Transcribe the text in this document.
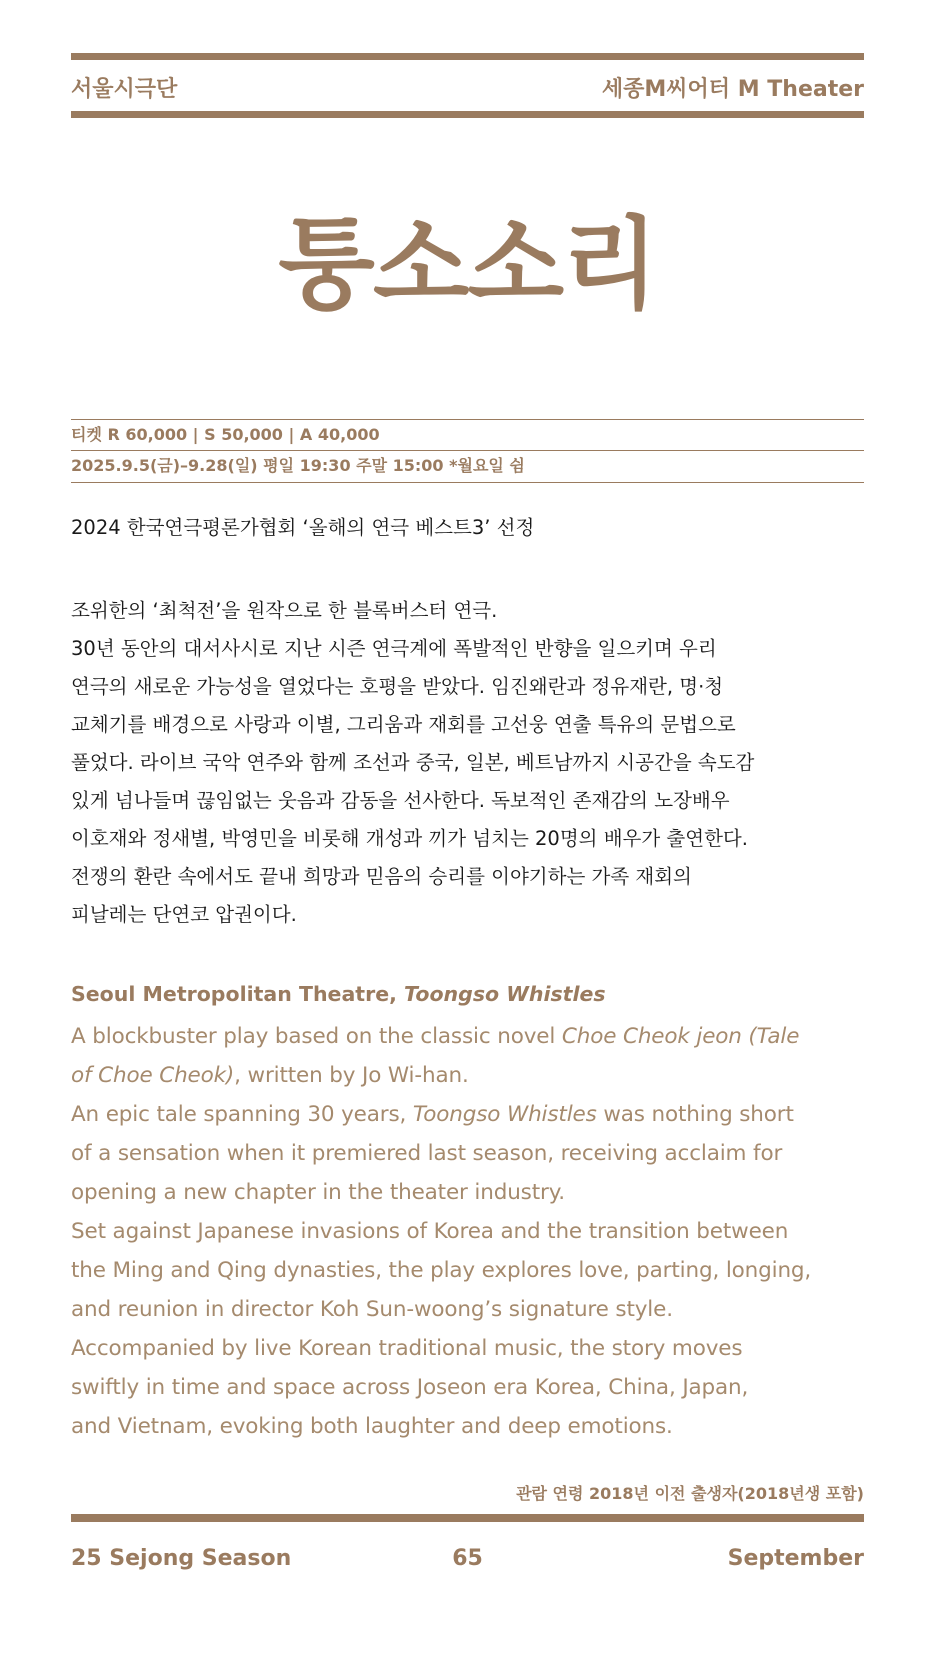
서울시극단	세종M씨어터 M Theater
퉁소소리
티켓 R 60,000 | S 50,000 | A 40,000
2025.9.5(금)–9.28(일) 평일 19:30 주말 15:00 *월요일 쉼
2024 한국연극평론가협회 ‘올해의 연극 베스트3’ 선정
조위한의 ‘최척전’을 원작으로 한 블록버스터 연극.
30년 동안의 대서사시로 지난 시즌 연극계에 폭발적인 반향을 일으키며 우리
연극의 새로운 가능성을 열었다는 호평을 받았다. 임진왜란과 정유재란, 명·청
교체기를 배경으로 사랑과 이별, 그리움과 재회를 고선웅 연출 특유의 문법으로
풀었다. 라이브 국악 연주와 함께 조선과 중국, 일본, 베트남까지 시공간을 속도감
있게 넘나들며 끊임없는 웃음과 감동을 선사한다. 독보적인 존재감의 노장배우
이호재와 정새별, 박영민을 비롯해 개성과 끼가 넘치는 20명의 배우가 출연한다.
전쟁의 환란 속에서도 끝내 희망과 믿음의 승리를 이야기하는 가족 재회의
피날레는 단연코 압권이다.
Seoul Metropolitan Theatre, Toongso Whistles
A blockbuster play based on the classic novel Choe Cheok jeon (Tale
of Choe Cheok), written by Jo Wi-han.
An epic tale spanning 30 years, Toongso Whistles was nothing short
of a sensation when it premiered last season, receiving acclaim for
opening a new chapter in the theater industry.
Set against Japanese invasions of Korea and the transition between
the Ming and Qing dynasties, the play explores love, parting, longing,
and reunion in director Koh Sun-woong’s signature style.
Accompanied by live Korean traditional music, the story moves
swiftly in time and space across Joseon era Korea, China, Japan,
and Vietnam, evoking both laughter and deep emotions.
관람 연령 2018년 이전 출생자(2018년생 포함)
25 Sejong Season	65	September
